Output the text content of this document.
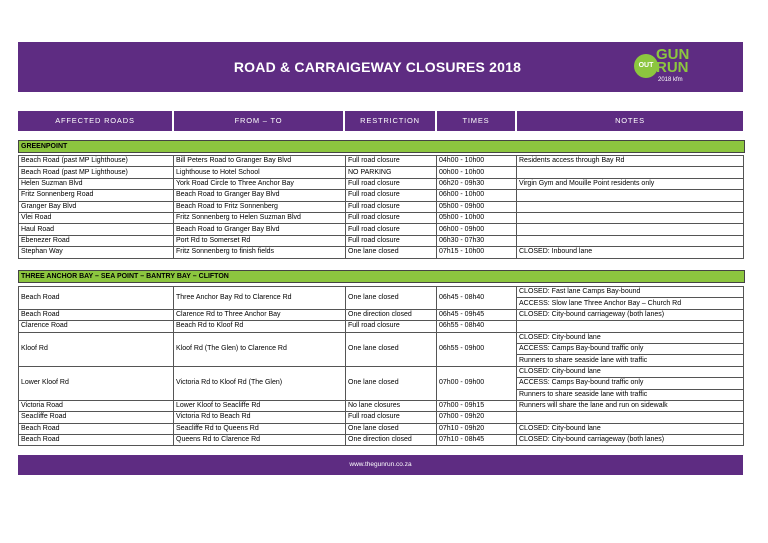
ROAD & CARRAIGEWAY CLOSURES 2018	OUT
GUN
RUN
2018 kfm
AFFECTED ROADS	FROM – TO	RESTRICTION	TIMES	NOTES
GREENPOINT
Beach Road (past MP Lighthouse)	Bill Peters Road to Granger Bay Blvd	Full road closure	04h00 - 10h00	Residents access through Bay Rd
Beach Road (past MP Lighthouse)	Lighthouse to Hotel School	NO PARKING	00h00 - 10h00	
Helen Suzman Blvd	York Road Circle to Three Anchor Bay	Full road closure	06h20 - 09h30	Virgin Gym and Mouille Point residents only
Fritz Sonnenberg Road	Beach Road to Granger Bay Blvd	Full road closure	06h00 - 10h00	
Granger Bay Blvd	Beach Road to Fritz Sonnenberg	Full road closure	05h00 - 09h00	
Vlei Road	Fritz Sonnenberg to Helen Suzman Blvd	Full road closure	05h00 - 10h00	
Haul Road	Beach Road to Granger Bay Blvd	Full road closure	06h00 - 09h00	
Ebenezer Road	Port Rd to Somerset Rd	Full road closure	06h30 - 07h30	
Stephan Way	Fritz Sonnenberg to finish fields	One lane closed	07h15 - 10h00	CLOSED: Inbound lane
THREE ANCHOR BAY – SEA POINT – BANTRY BAY – CLIFTON
Beach Road	Three Anchor Bay Rd to Clarence Rd	One lane closed	06h45 - 08h40	CLOSED: Fast lane Camps Bay-bound
				ACCESS: Slow lane Three Anchor Bay – Church Rd
Beach Road	Clarence Rd to Three Anchor Bay	One direction closed	06h45 - 09h45	CLOSED: City-bound carriageway (both lanes)
Clarence Road	Beach Rd to Kloof Rd	Full road closure	06h55 - 08h40	
Kloof Rd	Kloof Rd (The Glen) to Clarence Rd	One lane closed	06h55 - 09h00	CLOSED: City-bound lane
				ACCESS: Camps Bay-bound traffic only
				Runners to share seaside lane with traffic
Lower Kloof Rd	Victoria Rd to Kloof Rd (The Glen)	One lane closed	07h00 - 09h00	CLOSED: City-bound lane
				ACCESS: Camps Bay-bound traffic only
				Runners to share seaside lane with traffic
Victoria Road	Lower Kloof to Seacliffe Rd	No lane closures	07h00 - 09h15	Runners will share the lane and run on sidewalk
Seacliffe Road	Victoria Rd to Beach Rd	Full road closure	07h00 - 09h20	
Beach Road	Seacliffe Rd to Queens Rd	One lane closed	07h10 - 09h20	CLOSED: City-bound lane
Beach Road	Queens Rd to Clarence Rd	One direction closed	07h10 - 08h45	CLOSED: City-bound carriageway (both lanes)
www.thegunrun.co.za
